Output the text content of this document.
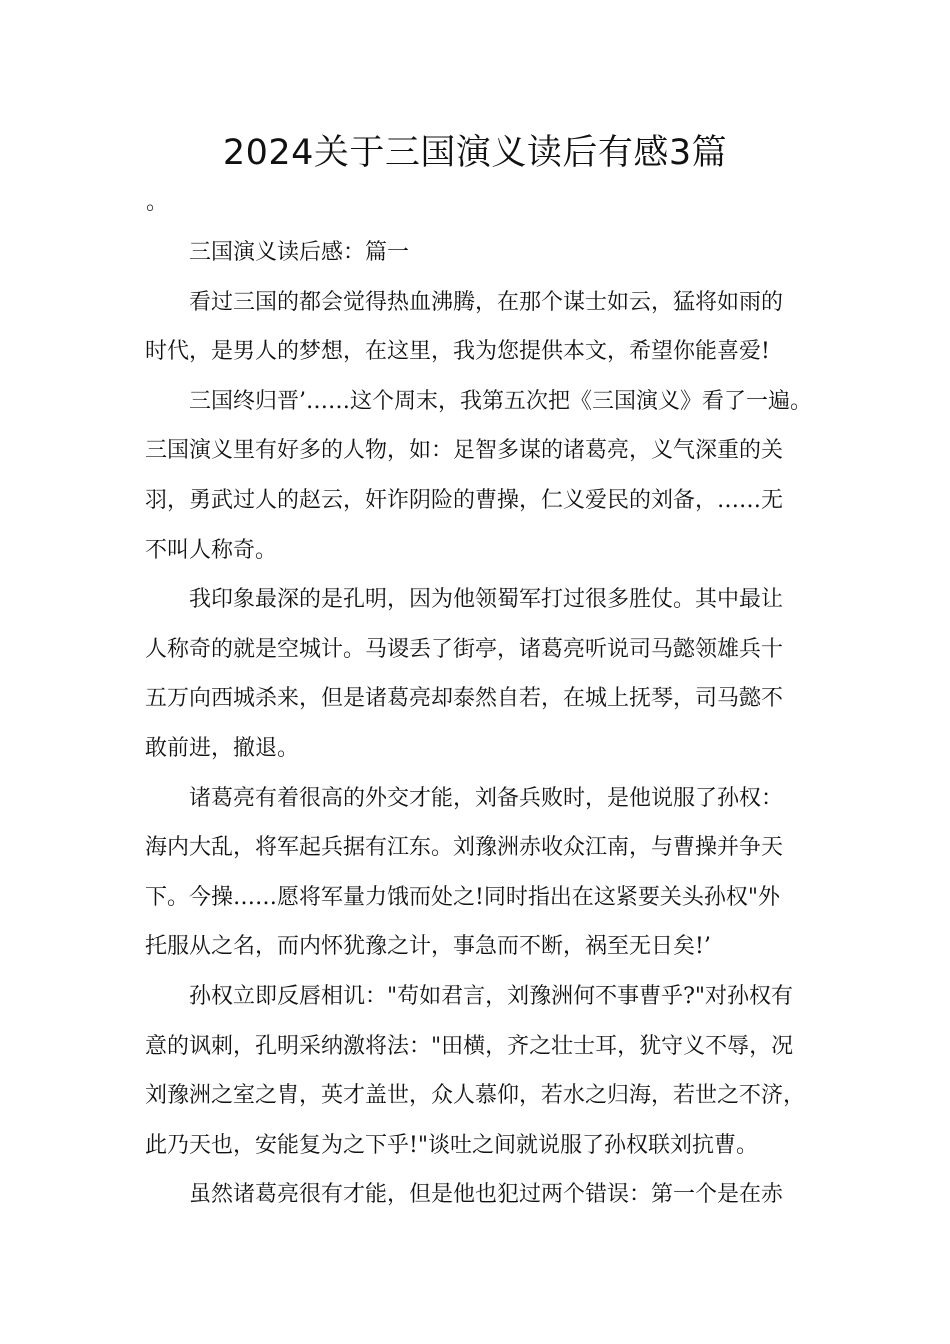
2024关于三国演义读后有感3篇
。
三国演义读后感：篇一
看过三国的都会觉得热血沸腾，在那个谋士如云，猛将如雨的
时代，是男人的梦想，在这里，我为您提供本文，希望你能喜爱!
三国终归晋’……这个周末，我第五次把《三国演义》看了一遍。
三国演义里有好多的人物，如：足智多谋的诸葛亮，义气深重的关
羽，勇武过人的赵云，奸诈阴险的曹操，仁义爱民的刘备，……无
不叫人称奇。
我印象最深的是孔明，因为他领蜀军打过很多胜仗。其中最让
人称奇的就是空城计。马谡丢了街亭，诸葛亮听说司马懿领雄兵十
五万向西城杀来，但是诸葛亮却泰然自若，在城上抚琴，司马懿不
敢前进，撤退。
诸葛亮有着很高的外交才能，刘备兵败时，是他说服了孙权：
海内大乱，将军起兵据有江东。刘豫洲赤收众江南，与曹操并争天
下。今操……愿将军量力饿而处之!同时指出在这紧要关头孙权"外
托服从之名，而内怀犹豫之计，事急而不断，祸至无日矣!’
孙权立即反唇相讥："苟如君言，刘豫洲何不事曹乎?"对孙权有
意的讽刺，孔明采纳激将法："田横，齐之壮士耳，犹守义不辱，况
刘豫洲之室之胄，英才盖世，众人慕仰，若水之归海，若世之不济，
此乃天也，安能复为之下乎!"谈吐之间就说服了孙权联刘抗曹。
虽然诸葛亮很有才能，但是他也犯过两个错误：第一个是在赤
